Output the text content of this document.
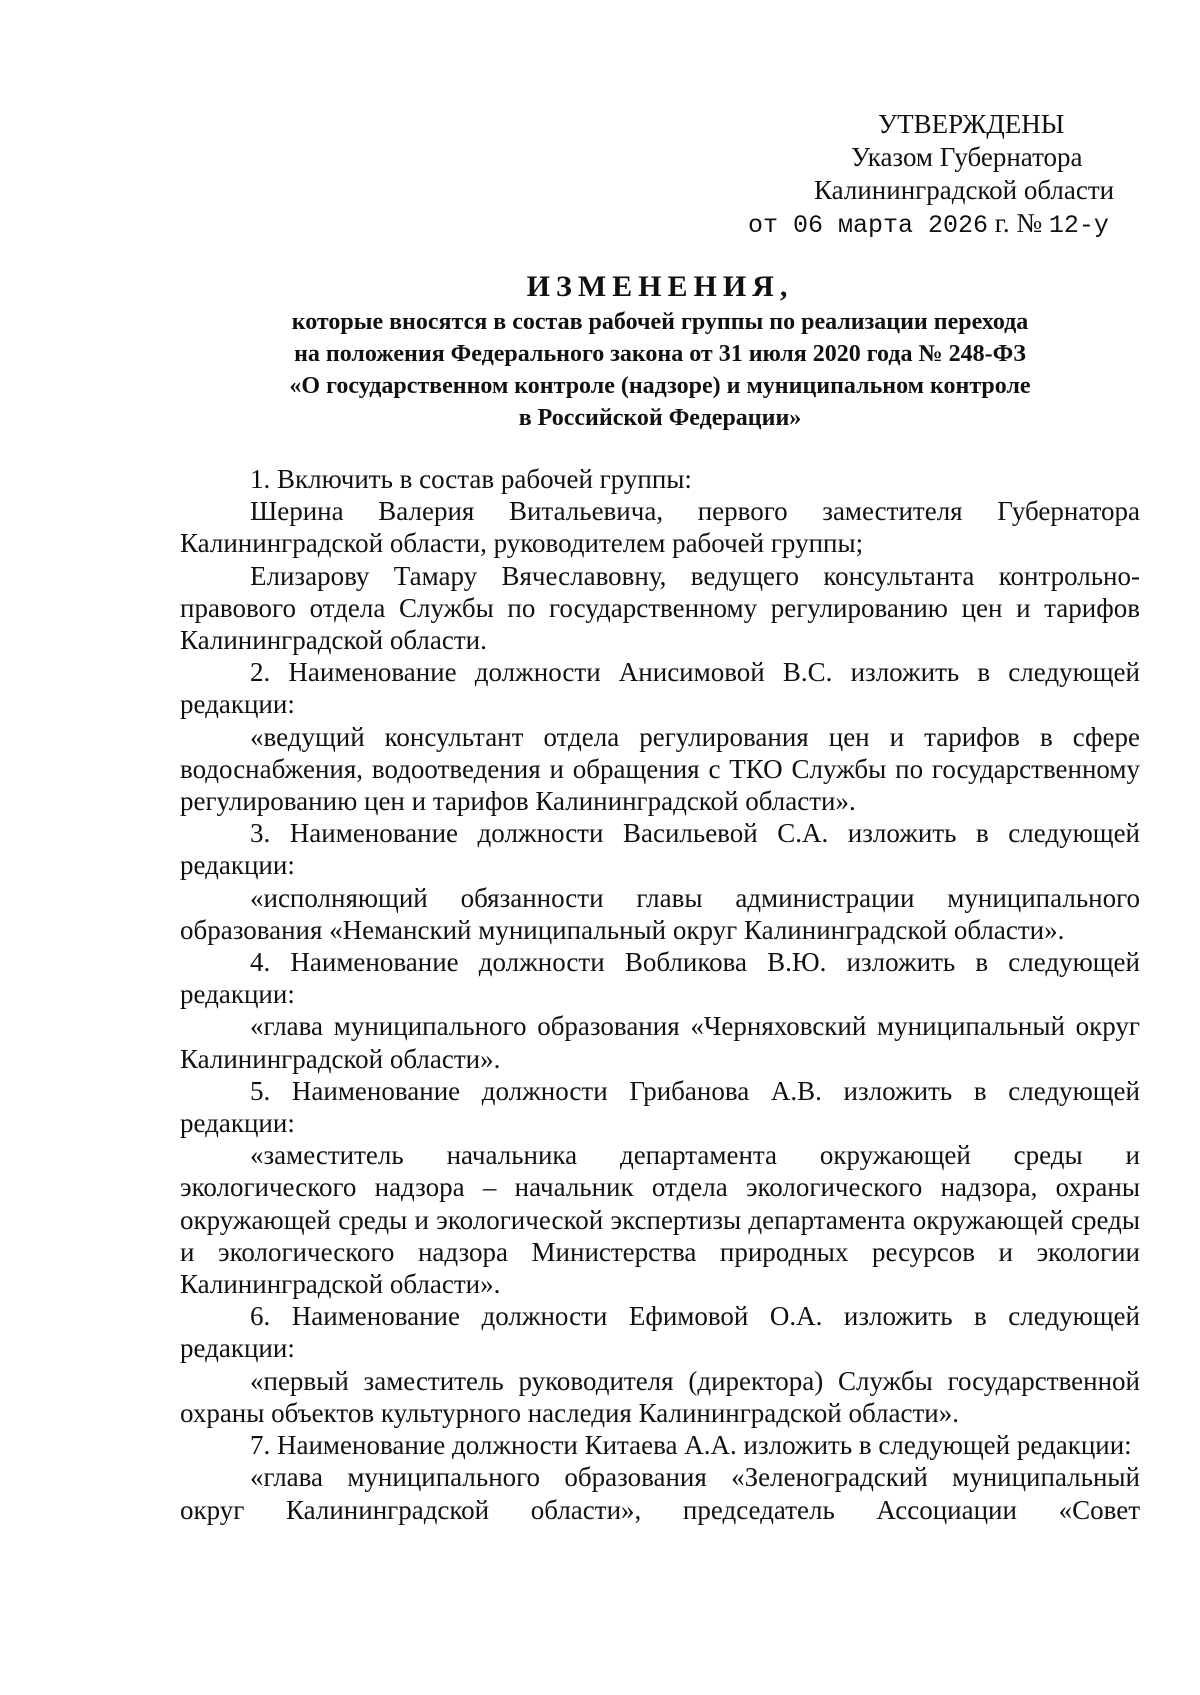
УТВЕРЖДЕНЫ
Указом Губернатора
Калининградской области
от 06 марта 2026 г. № 12-у
ИЗМЕНЕНИЯ,
которые вносятся в состав рабочей группы по реализации перехода
на положения Федерального закона от 31 июля 2020 года № 248-ФЗ
«О государственном контроле (надзоре) и муниципальном контроле
в Российской Федерации»

1. Включить в состав рабочей группы:

Шерина Валерия Витальевича, первого заместителя Губернатора Калининградской области, руководителем рабочей группы;

Елизарову Тамару Вячеславовну, ведущего консультанта контрольно-правового отдела Службы по государственному регулированию цен и тарифов Калининградской области.

2. Наименование должности Анисимовой В.С. изложить в следующей редакции:

«ведущий консультант отдела регулирования цен и тарифов в сфере водоснабжения, водоотведения и обращения с ТКО Службы по государственному регулированию цен и тарифов Калининградской области».

3. Наименование должности Васильевой С.А. изложить в следующей редакции:

«исполняющий обязанности главы администрации муниципального образования «Неманский муниципальный округ Калининградской области».

4. Наименование должности Вобликова В.Ю. изложить в следующей редакции:

«глава муниципального образования «Черняховский муниципальный округ Калининградской области».

5. Наименование должности Грибанова А.В. изложить в следующей редакции:

«заместитель начальника департамента окружающей среды и экологического надзора – начальник отдела экологического надзора, охраны окружающей среды и экологической экспертизы департамента окружающей среды и экологического надзора Министерства природных ресурсов и экологии Калининградской области».

6. Наименование должности Ефимовой О.А. изложить в следующей редакции:

«первый заместитель руководителя (директора) Службы государственной охраны объектов культурного наследия Калининградской области».

7. Наименование должности Китаева А.А. изложить в следующей редакции:

«глава муниципального образования «Зеленоградский муниципальный округ Калининградской области», председатель Ассоциации «Совет
